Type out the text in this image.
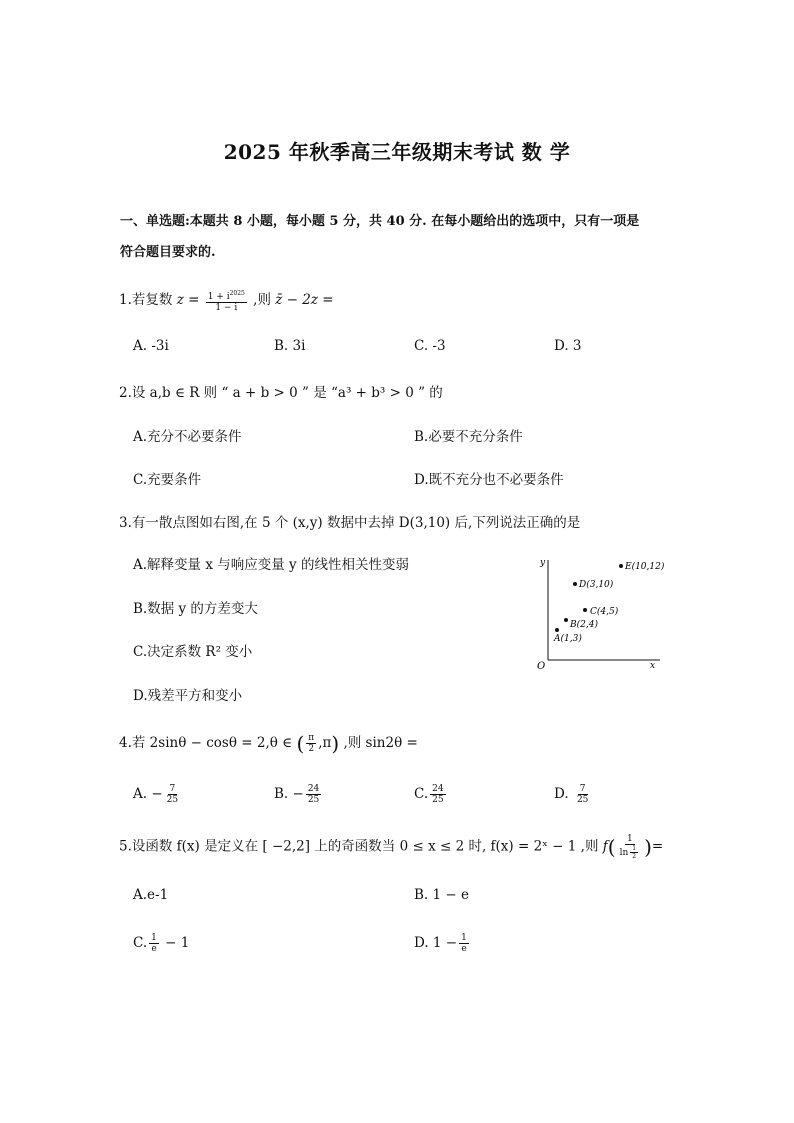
2025 年秋季高三年级期末考试 数 学
一、单选题:本题共 8 小题，每小题 5 分，共 40 分. 在每小题给出的选项中，只有一项是
符合题目要求的.
1.若复数 $z = \frac{1 + i^{2025}}{1 - i}$ ,则 z̄ − 2z =
A. -3i	B. 3i	C. -3	D. 3
2.设 a,b ∈ R 则 “ a + b > 0 ” 是 “a³ + b³ > 0 ” 的
A.充分不必要条件	B.必要不充分条件
C.充要条件	D.既不充分也不必要条件
3.有一散点图如右图,在 5 个 (x,y) 数据中去掉 D(3,10) 后,下列说法正确的是
A.解释变量 x 与响应变量 y 的线性相关性变弱
B.数据 y 的方差变大
C.决定系数 R² 变小
D.残差平方和变小
y
x
O
A(1,3)
B(2,4)
C(4,5)
D(3,10)
E(10,12)
4.若 2sinθ − cosθ = 2,θ ∈ ( $\frac{\pi}{2} ,\pi$) ,则 sin2θ =
A. − $\frac{7}{25}$	B. − $\frac{24}{25}$	C. $\frac{24}{25}$	D. $\frac{7}{25}$
5.设函数 f(x) 是定义在 [ −2,2] 上的奇函数当 0 ≤ x ≤ 2 时, f(x) = 2ˣ − 1 ,则 $f( \frac{1}{\ln \frac{1}{2}}$ )=
A.e-1	B. 1 − e
C. $\frac{1}{e} - 1$	D. $1 - \frac{1}{e}$
